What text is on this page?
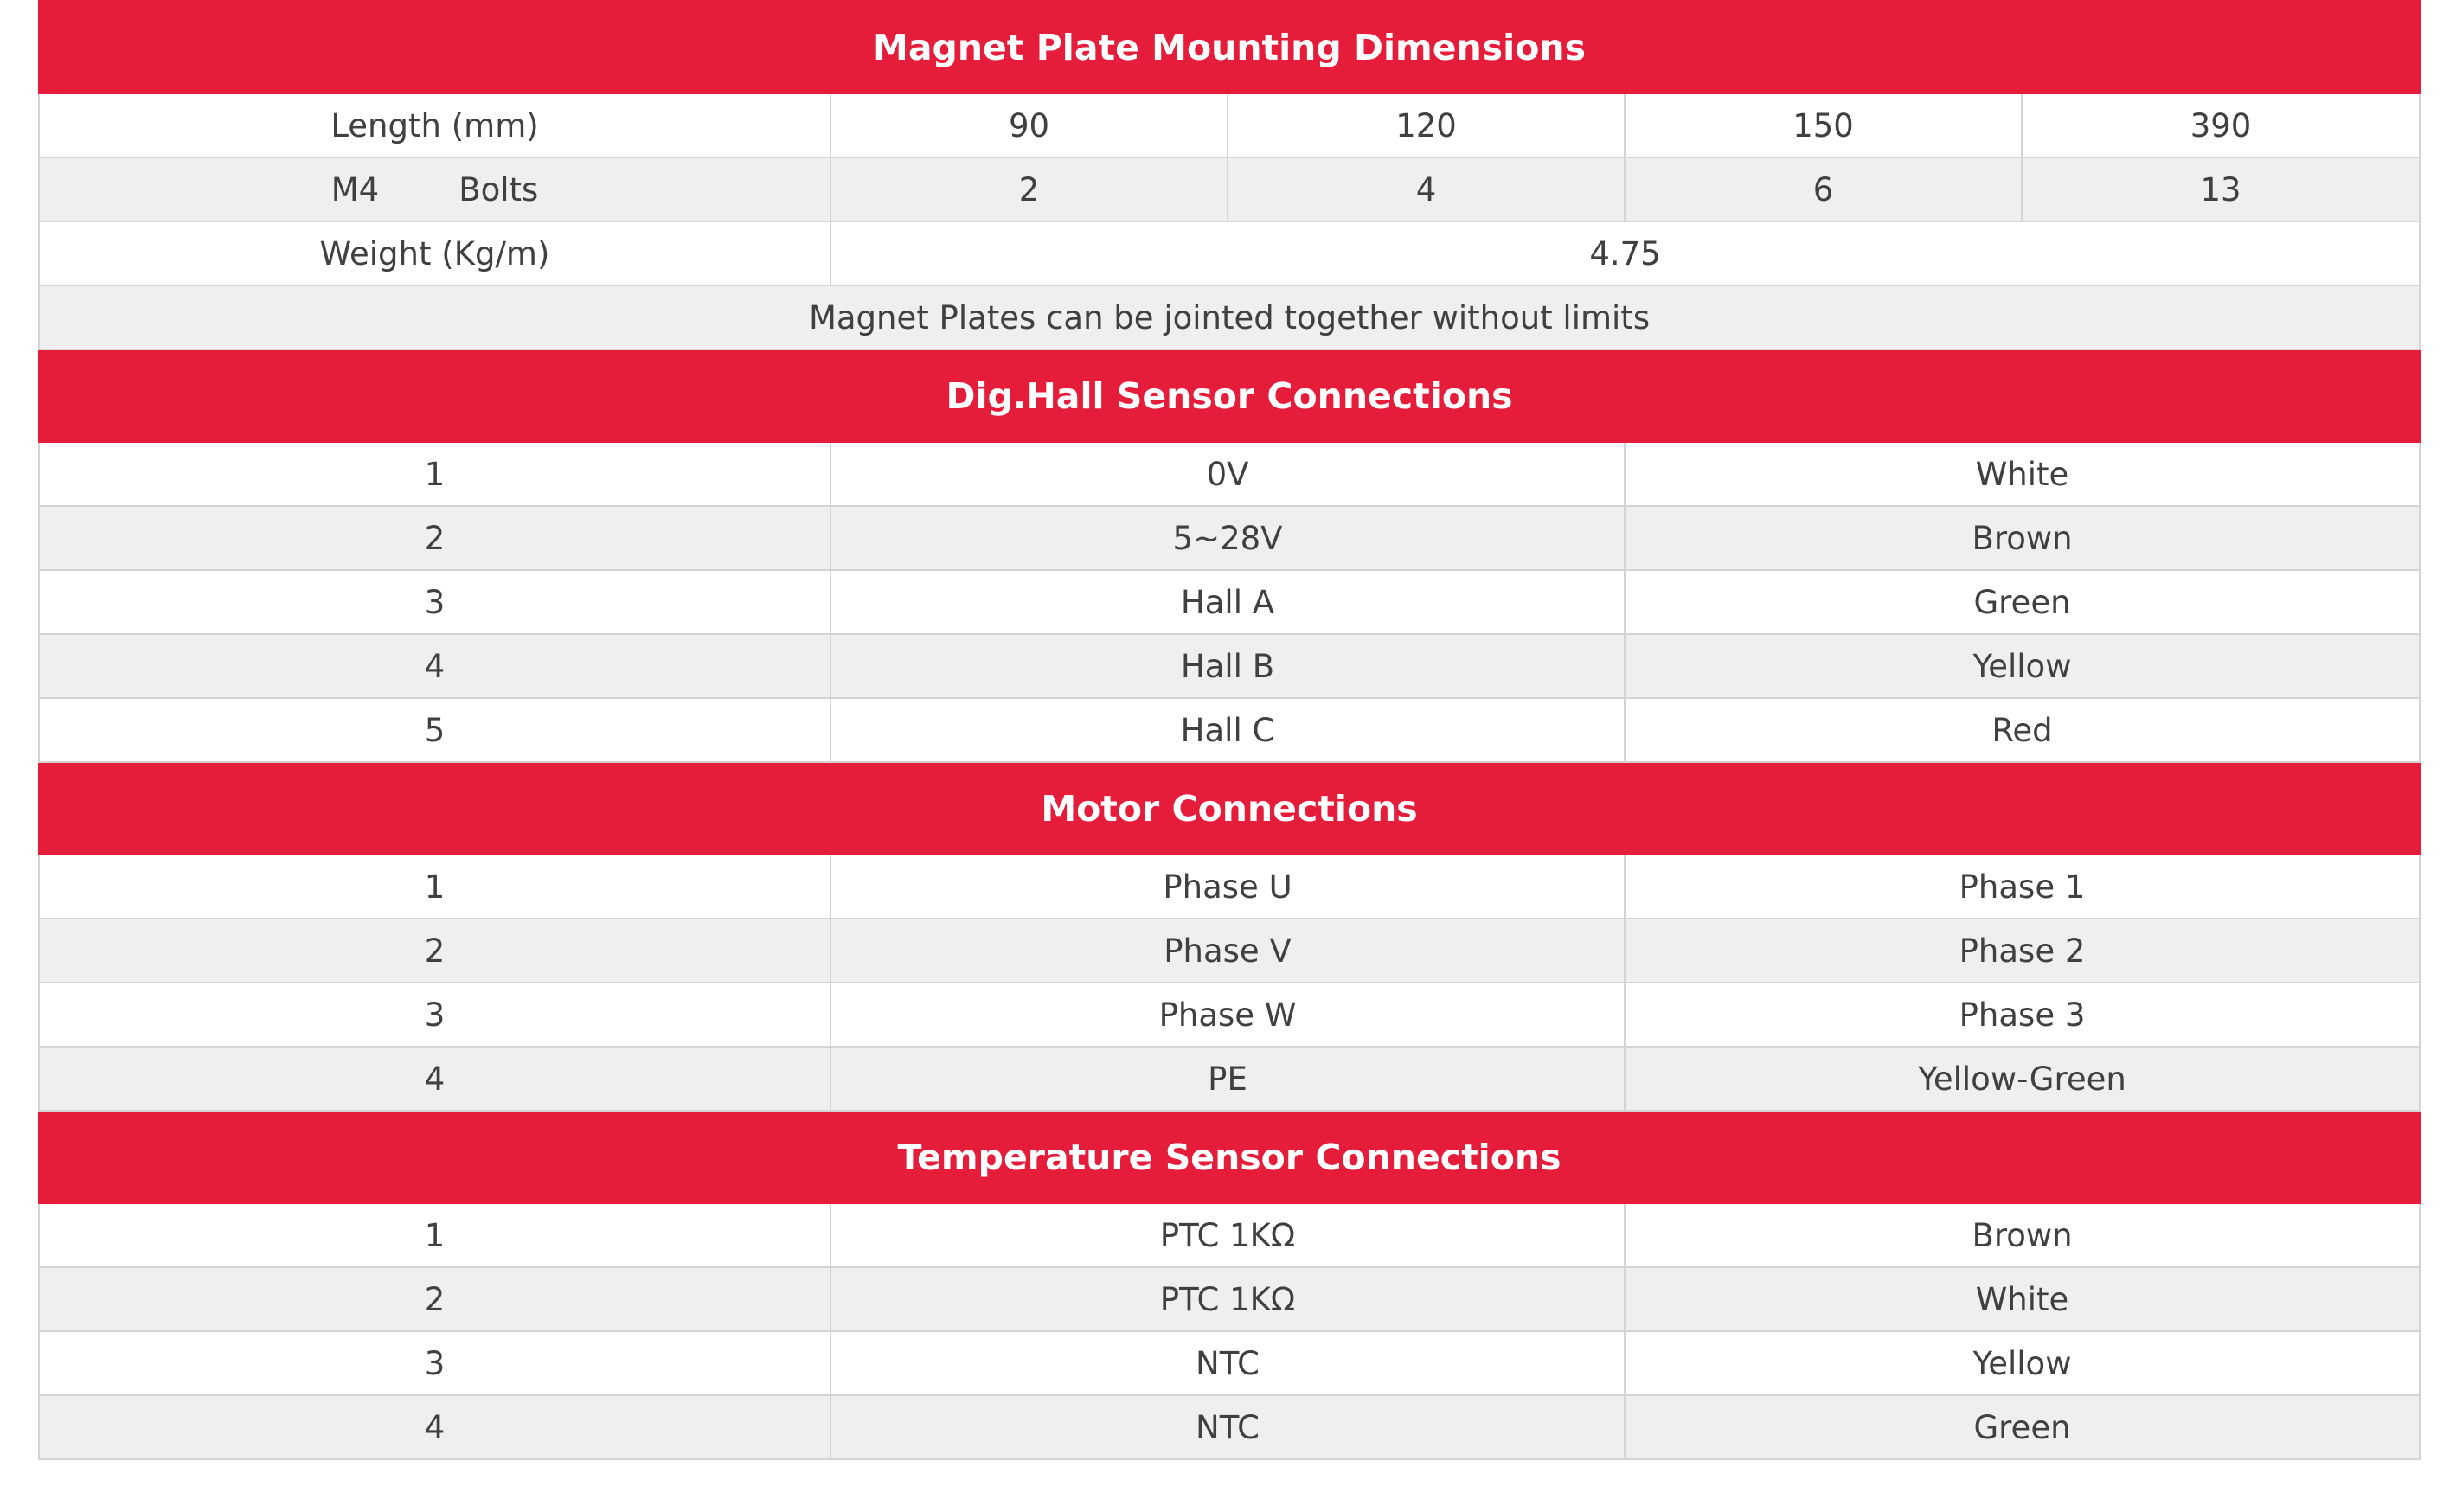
Magnet Plate Mounting Dimensions				
Length (mm)	90	120	150	390
M4 Bolts	2	4	6	13
Weight (Kg/m)	4.75			
Magnet Plates can be jointed together without limits				
Dig.Hall Sensor Connections				
1	0V		White	
2	5~28V		Brown	
3	Hall A		Green	
4	Hall B		Yellow	
5	Hall C		Red	
Motor Connections				
1	Phase U		Phase 1	
2	Phase V		Phase 2	
3	Phase W		Phase 3	
4	PE		Yellow-Green	
Temperature Sensor Connections				
1	PTC 1KΩ		Brown	
2	PTC 1KΩ		White	
3	NTC		Yellow	
4	NTC		Green	
